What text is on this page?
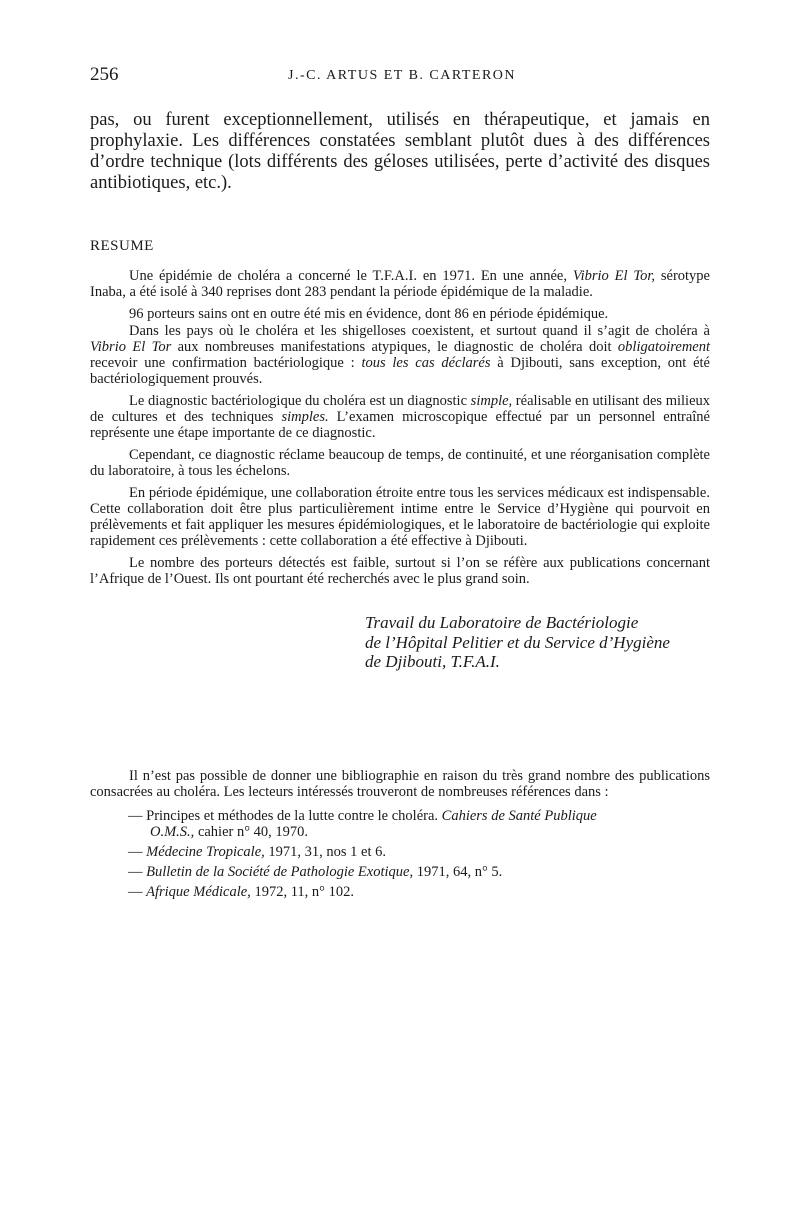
256	J.-C. ARTUS ET B. CARTERON

pas, ou furent exceptionnellement, utilisés en thérapeutique, et jamais en prophylaxie. Les différences constatées semblant plutôt dues à des différences d’ordre technique (lots différents des géloses utilisées, perte d’activité des disques antibiotiques, etc.).

RESUME

Une épidémie de choléra a concerné le T.F.A.I. en 1971. En une année, Vibrio El Tor, sérotype Inaba, a été isolé à 340 reprises dont 283 pendant la période épidémique de la maladie.

96 porteurs sains ont en outre été mis en évidence, dont 86 en période épidémique.

Dans les pays où le choléra et les shigelloses coexistent, et surtout quand il s’agit de choléra à Vibrio El Tor aux nombreuses manifestations atypiques, le diagnostic de choléra doit obligatoirement recevoir une confirmation bactériologique : tous les cas déclarés à Djibouti, sans exception, ont été bactériologiquement prouvés.

Le diagnostic bactériologique du choléra est un diagnostic simple, réalisable en utilisant des milieux de cultures et des techniques simples. L’examen microscopique effectué par un personnel entraîné représente une étape importante de ce diagnostic.

Cependant, ce diagnostic réclame beaucoup de temps, de continuité, et une réorganisation complète du laboratoire, à tous les échelons.

En période épidémique, une collaboration étroite entre tous les services médicaux est indispensable. Cette collaboration doit être plus particulièrement intime entre le Service d’Hygiène qui pourvoit en prélèvements et fait appliquer les mesures épidémiologiques, et le laboratoire de bactériologie qui exploite rapidement ces prélèvements : cette collaboration a été effective à Djibouti.

Le nombre des porteurs détectés est faible, surtout si l’on se réfère aux publications concernant l’Afrique de l’Ouest. Ils ont pourtant été recherchés avec le plus grand soin.

Travail du Laboratoire de Bactériologie
de l’Hôpital Pelitier et du Service d’Hygiène
de Djibouti, T.F.A.I.

Il n’est pas possible de donner une bibliographie en raison du très grand nombre des publications consacrées au choléra. Les lecteurs intéressés trouveront de nombreuses références dans :

— Principes et méthodes de la lutte contre le choléra. Cahiers de Santé Publique
O.M.S., cahier n° 40, 1970.
— Médecine Tropicale, 1971, 31, nos 1 et 6.
— Bulletin de la Société de Pathologie Exotique, 1971, 64, n° 5.
— Afrique Médicale, 1972, 11, n° 102.
